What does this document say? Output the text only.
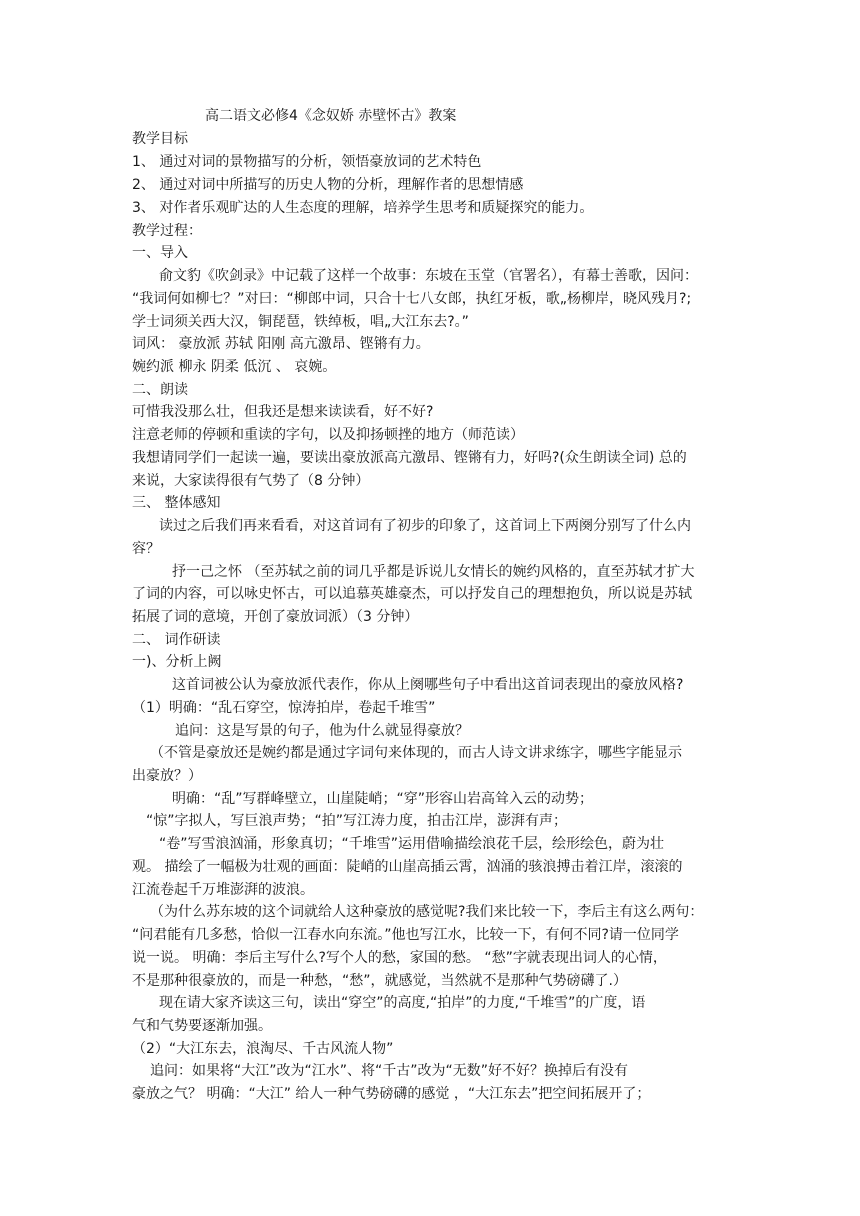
高二语文必修4《念奴娇 赤壁怀古》教案
教学目标
1、 通过对词的景物描写的分析，领悟豪放词的艺术特色
2、 通过对词中所描写的历史人物的分析，理解作者的思想情感
3、 对作者乐观旷达的人生态度的理解，培养学生思考和质疑探究的能力。
教学过程：
一、导入
俞文豹《吹剑录》中记载了这样一个故事：东坡在玉堂（官署名），有幕士善歌，因问：
“我词何如柳七？”对曰：“柳郎中词，只合十七八女郎，执红牙板，歌„杨柳岸，晓风残月?;
学士词须关西大汉，铜琵琶，铁绰板，唱„大江东去?。”
词风： 豪放派 苏轼 阳刚 高亢激昂、铿锵有力。
婉约派 柳永 阴柔 低沉 、 哀婉。
二、朗读
可惜我没那么壮，但我还是想来读读看，好不好?
注意老师的停顿和重读的字句，以及抑扬顿挫的地方（师范读）
我想请同学们一起读一遍，要读出豪放派高亢激昂、铿锵有力，好吗?(众生朗读全词) 总的
来说，大家读得很有气势了（8 分钟）
三、 整体感知
读过之后我们再来看看，对这首词有了初步的印象了，这首词上下两阕分别写了什么内
容？
抒一己之怀 （至苏轼之前的词几乎都是诉说儿女情长的婉约风格的，直至苏轼才扩大
了词的内容，可以咏史怀古，可以追慕英雄豪杰，可以抒发自己的理想抱负，所以说是苏轼
拓展了词的意境，开创了豪放词派）（3 分钟）
二、 词作研读
一)、分析上阙
这首词被公认为豪放派代表作，你从上阕哪些句子中看出这首词表现出的豪放风格?
（1）明确：“乱石穿空，惊涛拍岸，卷起千堆雪”
追问：这是写景的句子，他为什么就显得豪放？
（不管是豪放还是婉约都是通过字词句来体现的，而古人诗文讲求练字，哪些字能显示
出豪放？）
明确：“乱”写群峰壁立，山崖陡峭；“穿”形容山岩高耸入云的动势；
“惊”字拟人，写巨浪声势；“拍”写江涛力度，拍击江岸，澎湃有声；
“卷”写雪浪汹涌，形象真切；“千堆雪”运用借喻描绘浪花千层，绘形绘色，蔚为壮
观。 描绘了一幅极为壮观的画面：陡峭的山崖高插云霄，汹涌的骇浪搏击着江岸，滚滚的
江流卷起千万堆澎湃的波浪。
（为什么苏东坡的这个词就给人这种豪放的感觉呢?我们来比较一下，李后主有这么两句：
“问君能有几多愁，恰似一江春水向东流。”他也写江水，比较一下，有何不同?请一位同学
说一说。 明确：李后主写什么?写个人的愁，家国的愁。 “愁”字就表现出词人的心情，
不是那种很豪放的，而是一种愁，“愁”，就感觉，当然就不是那种气势磅礴了.）
现在请大家齐读这三句，读出“穿空”的高度,“拍岸”的力度,“千堆雪”的广度，语
气和气势要逐渐加强。
（2）“大江东去，浪淘尽、千古风流人物”
追问：如果将“大江”改为“江水”、将“千古”改为“无数”好不好？换掉后有没有
豪放之气？ 明确：“大江” 给人一种气势磅礴的感觉 ，“大江东去”把空间拓展开了；
